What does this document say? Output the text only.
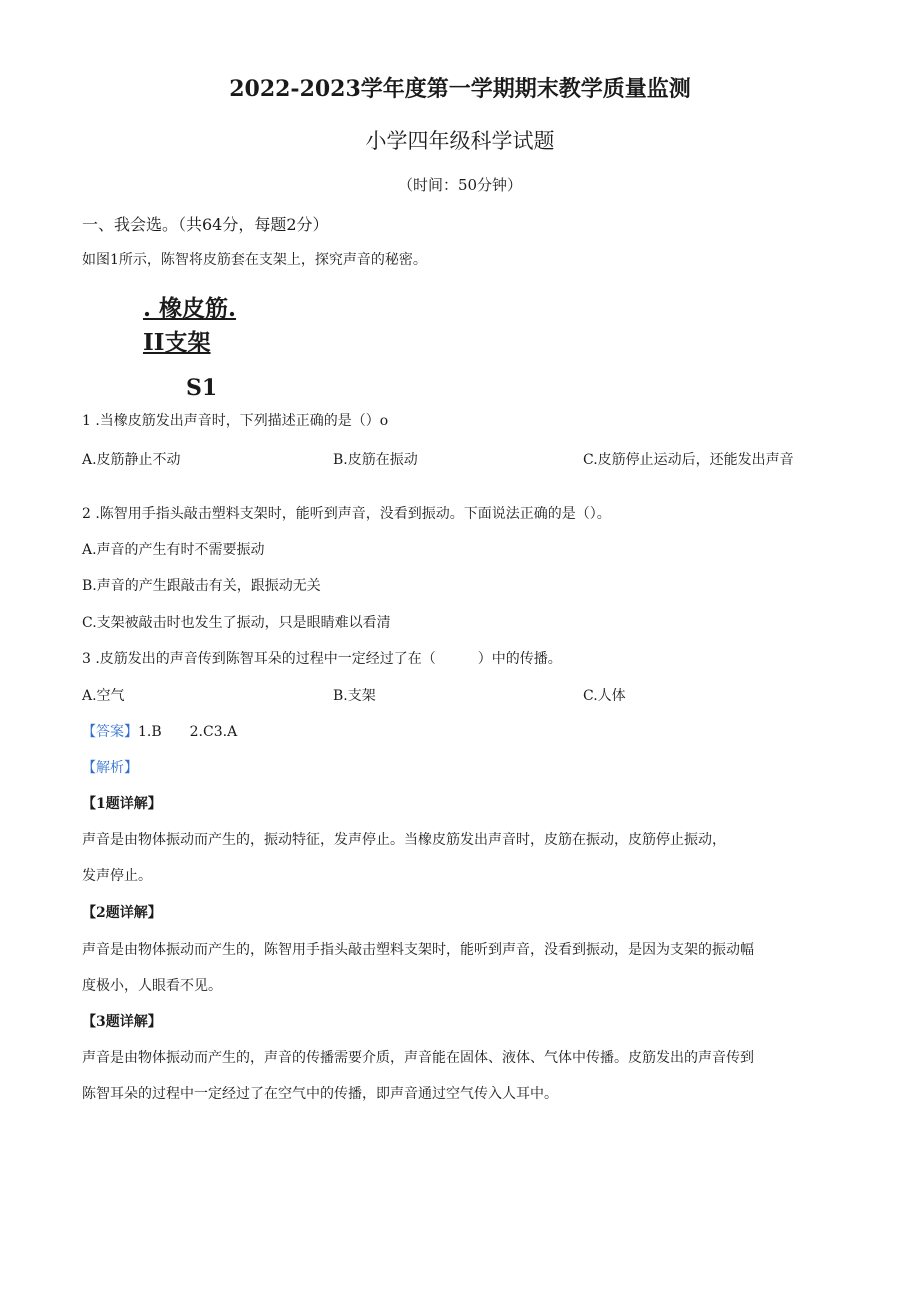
2022-2023学年度第一学期期末教学质量监测
小学四年级科学试题
（时间：50分钟）
一、我会选。（共64分，每题2分）
如图1所示，陈智将皮筋套在支架上，探究声音的秘密。
. 橡皮筋.
II支架
S1
1 .当橡皮筋发出声音时，下列描述正确的是（）o
A.皮筋静止不动	B.皮筋在振动	C.皮筋停止运动后，还能发出声音
2 .陈智用手指头敲击塑料支架时，能听到声音，没看到振动。下面说法正确的是（）。
A.声音的产生有时不需要振动
B.声音的产生跟敲击有关，跟振动无关
C.支架被敲击时也发生了振动，只是眼睛难以看清
3 .皮筋发出的声音传到陈智耳朵的过程中一定经过了在（　　　）中的传播。
A.空气	B.支架	C.人体
【答案】1.B　　2.C3.A
【解析】
【1题详解】
声音是由物体振动而产生的，振动特征，发声停止。当橡皮筋发出声音时，皮筋在振动，皮筋停止振动，
发声停止。
【2题详解】
声音是由物体振动而产生的，陈智用手指头敲击塑料支架时，能听到声音，没看到振动，是因为支架的振动幅
度极小，人眼看不见。
【3题详解】
声音是由物体振动而产生的，声音的传播需要介质，声音能在固体、液体、气体中传播。皮筋发出的声音传到
陈智耳朵的过程中一定经过了在空气中的传播，即声音通过空气传入人耳中。
